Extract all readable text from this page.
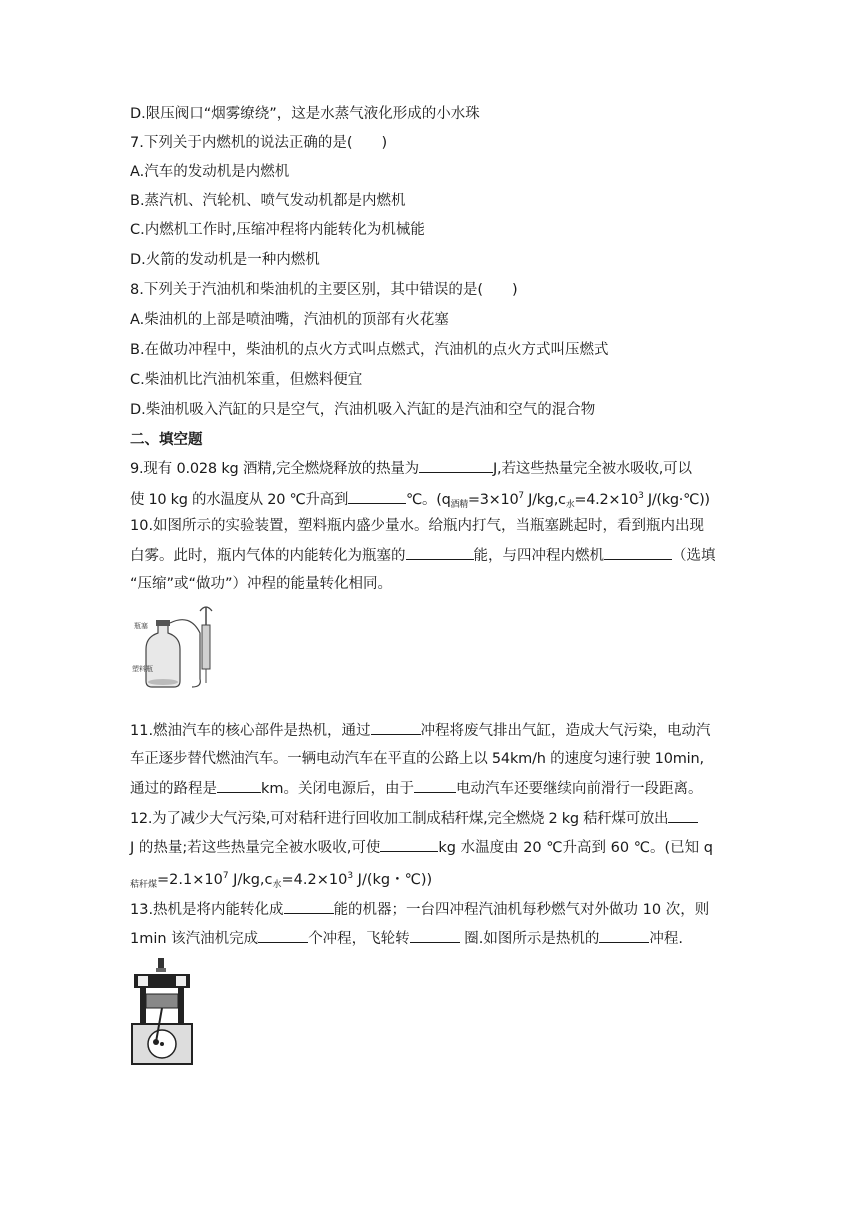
D.限压阀口“烟雾缭绕”，这是水蒸气液化形成的小水珠
7.下列关于内燃机的说法正确的是(　　)
A.汽车的发动机是内燃机
B.蒸汽机、汽轮机、喷气发动机都是内燃机
C.内燃机工作时,压缩冲程将内能转化为机械能
D.火箭的发动机是一种内燃机
8.下列关于汽油机和柴油机的主要区别，其中错误的是(　　)
A.柴油机的上部是喷油嘴，汽油机的顶部有火花塞
B.在做功冲程中，柴油机的点火方式叫点燃式，汽油机的点火方式叫压燃式
C.柴油机比汽油机笨重，但燃料便宜
D.柴油机吸入汽缸的只是空气，汽油机吸入汽缸的是汽油和空气的混合物
二、填空题
9.现有 0.028 kg 酒精,完全燃烧释放的热量为	J,若这些热量完全被水吸收,可以
使 10 kg 的水温度从 20 ℃升高到	℃。($q_{酒精}=3\times 10^7$ $J/kg,c_水=4.2\times 10^3$ J/(kg·℃))
10.如图所示的实验装置，塑料瓶内盛少量水。给瓶内打气，当瓶塞跳起时，看到瓶内出现
白雾。此时，瓶内气体的内能转化为瓶塞的	能，与四冲程内燃机	（选填
“压缩”或“做功”）冲程的能量转化相同。
瓶塞
塑料瓶
11.燃油汽车的核心部件是热机，通过	冲程将废气排出气缸，造成大气污染，电动汽
车正逐步替代燃油汽车。一辆电动汽车在平直的公路上以 54km/h 的速度匀速行驶 10min,
通过的路程是	km。关闭电源后，由于	电动汽车还要继续向前滑行一段距离。
12.为了减少大气污染,可对秸秆进行回收加工制成秸秆煤,完全燃烧 2 kg 秸秆煤可放出
J 的热量;若这些热量完全被水吸收,可使	kg 水温度由 20 ℃升高到 60 ℃。(已知 q
$_{秸秆煤}=2.1\times 10^7$ $J/kg,c_水=4.2\times 10^3$ J/(kg・℃))
13.热机是将内能转化成	能的机器；一台四冲程汽油机每秒燃气对外做功 10 次，则
1min 该汽油机完成	个冲程，飞轮转	圈.如图所示是热机的	冲程.
